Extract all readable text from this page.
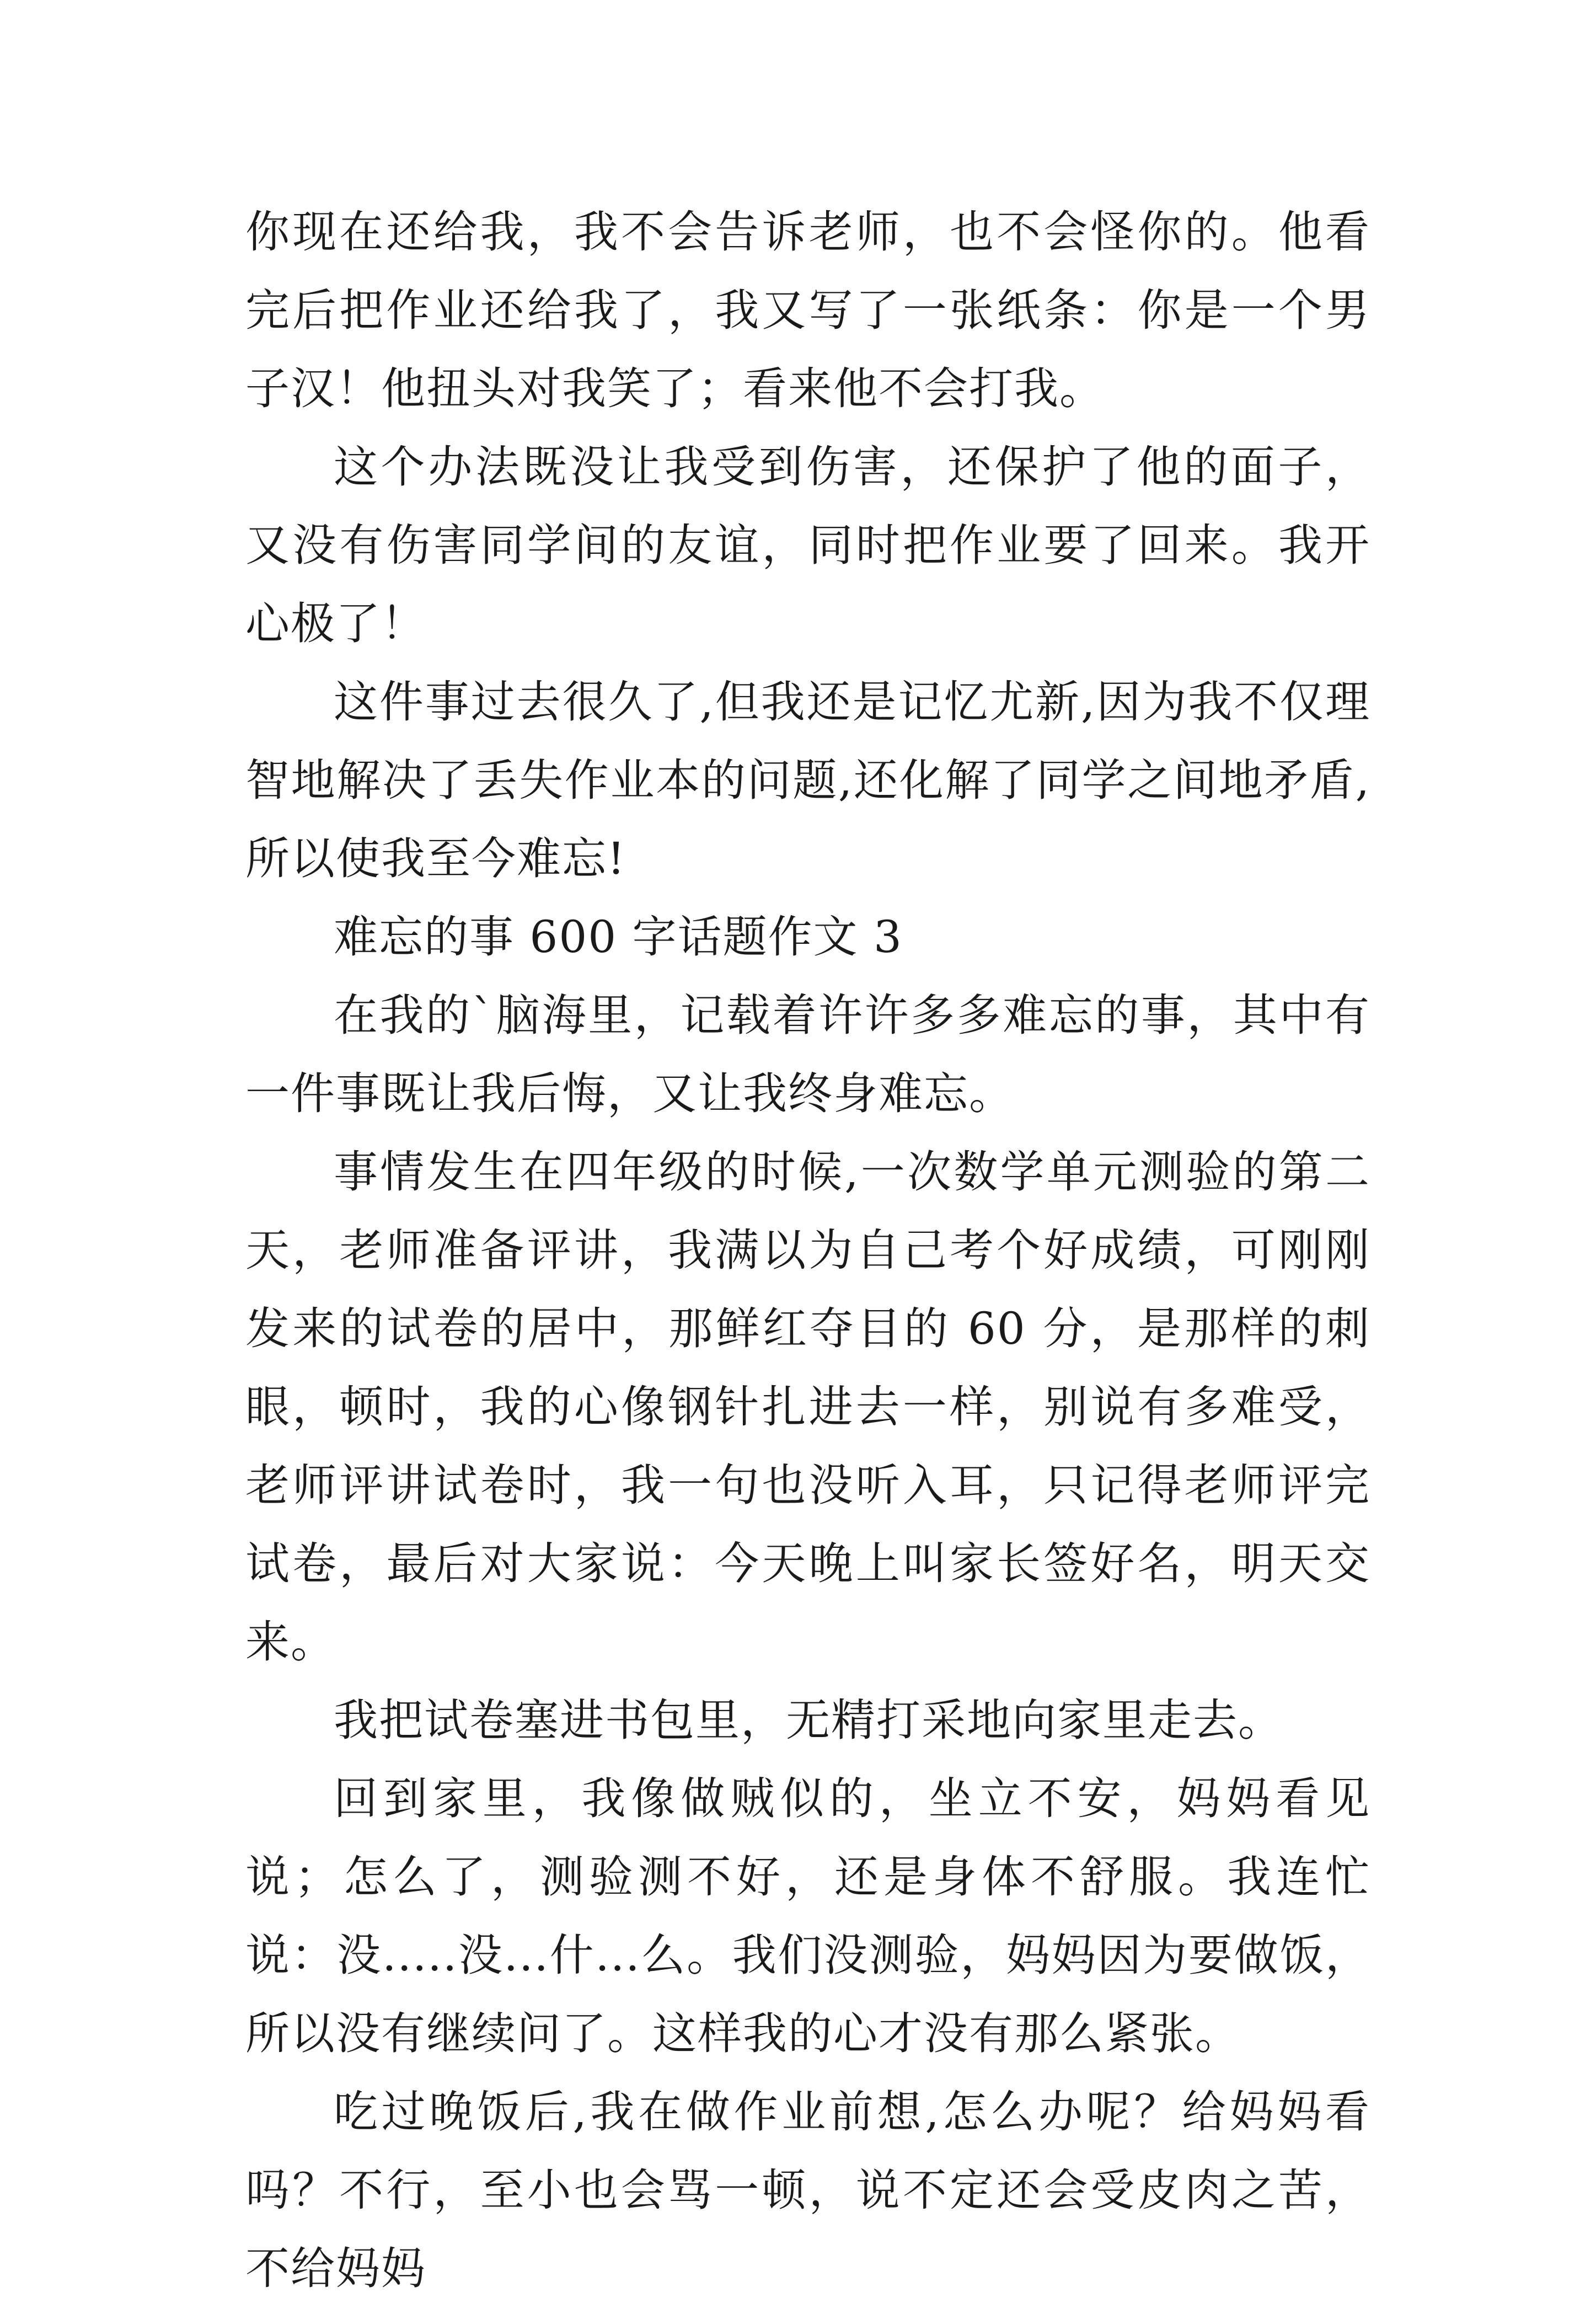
你现在还给我，我不会告诉老师，也不会怪你的。他看完后把作业还给我了，我又写了一张纸条：你是一个男子汉！他扭头对我笑了；看来他不会打我。

这个办法既没让我受到伤害，还保护了他的面子，又没有伤害同学间的友谊，同时把作业要了回来。我开心极了！

这件事过去很久了,但我还是记忆尤新,因为我不仅理智地解决了丢失作业本的问题,还化解了同学之间地矛盾,所以使我至今难忘!

难忘的事 600 字话题作文 3

在我的`脑海里，记载着许许多多难忘的事，其中有一件事既让我后悔，又让我终身难忘。

事情发生在四年级的时候,一次数学单元测验的第二天，老师准备评讲，我满以为自己考个好成绩，可刚刚发来的试卷的居中，那鲜红夺目的 60 分，是那样的刺眼，顿时，我的心像钢针扎进去一样，别说有多难受，老师评讲试卷时，我一句也没听入耳，只记得老师评完试卷，最后对大家说：今天晚上叫家长签好名，明天交来。

我把试卷塞进书包里，无精打采地向家里走去。

回到家里，我像做贼似的，坐立不安，妈妈看见说；怎么了，测验测不好，还是身体不舒服。我连忙说：没.....没...什...么。我们没测验，妈妈因为要做饭，所以没有继续问了。这样我的心才没有那么紧张。

吃过晚饭后,我在做作业前想,怎么办呢？给妈妈看吗？不行，至小也会骂一顿，说不定还会受皮肉之苦，不给妈妈
